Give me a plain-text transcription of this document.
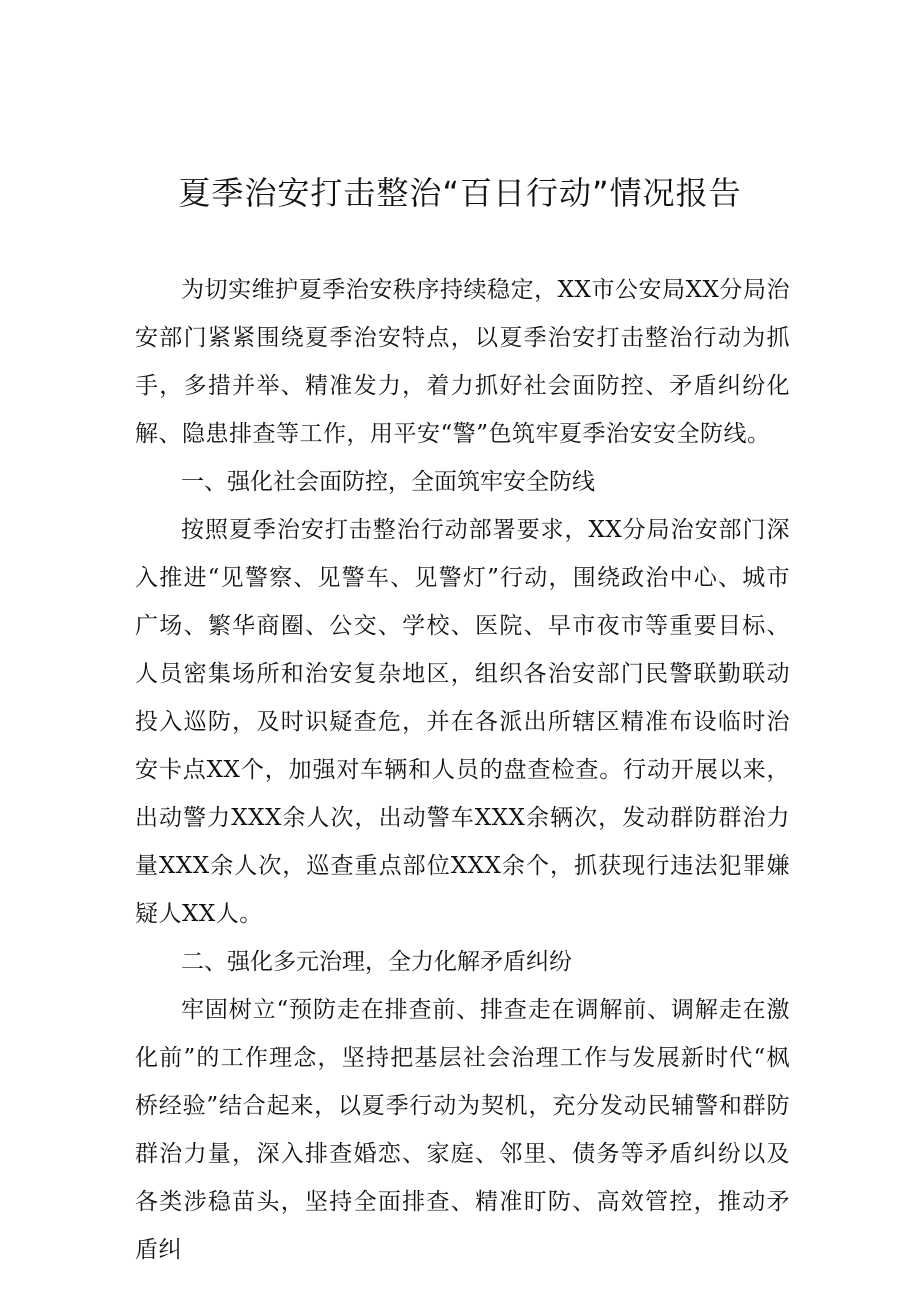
夏季治安打击整治“百日行动”情况报告

为切实维护夏季治安秩序持续稳定，XX市公安局XX分局治安部门紧紧围绕夏季治安特点，以夏季治安打击整治行动为抓手，多措并举、精准发力，着力抓好社会面防控、矛盾纠纷化解、隐患排查等工作，用平安“警”色筑牢夏季治安安全防线。

一、强化社会面防控，全面筑牢安全防线

按照夏季治安打击整治行动部署要求，XX分局治安部门深入推进“见警察、见警车、见警灯”行动，围绕政治中心、城市广场、繁华商圈、公交、学校、医院、早市夜市等重要目标、人员密集场所和治安复杂地区，组织各治安部门民警联勤联动投入巡防，及时识疑查危，并在各派出所辖区精准布设临时治安卡点XX个，加强对车辆和人员的盘查检查。行动开展以来，出动警力XXX余人次，出动警车XXX余辆次，发动群防群治力量XXX余人次，巡查重点部位XXX余个，抓获现行违法犯罪嫌疑人XX人。

二、强化多元治理，全力化解矛盾纠纷

牢固树立“预防走在排查前、排查走在调解前、调解走在激化前”的工作理念，坚持把基层社会治理工作与发展新时代“枫桥经验”结合起来，以夏季行动为契机，充分发动民辅警和群防群治力量，深入排查婚恋、家庭、邻里、债务等矛盾纠纷以及各类涉稳苗头，坚持全面排查、精准盯防、高效管控，推动矛盾纠
